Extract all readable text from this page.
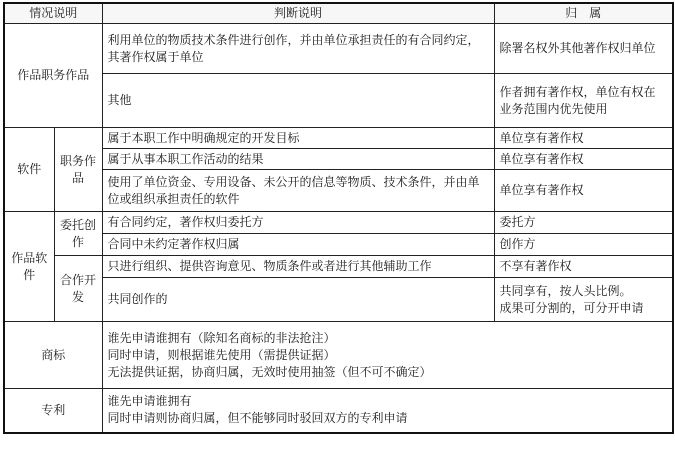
情况说明		判断说明	归　属
作品职务作品		利用单位的物质技术条件进行创作，并由单位承担责任的有合同约定，其著作权属于单位	除署名权外其他著作权归单位
		其他	作者拥有著作权，单位有权在业务范围内优先使用
软件	职务作品	属于本职工作中明确规定的开发目标	单位享有著作权
		属于从事本职工作活动的结果	单位享有著作权
		使用了单位资金、专用设备、未公开的信息等物质、技术条件，并由单位或组织承担责任的软件	单位享有著作权
作品软件	委托创作	有合同约定，著作权归委托方	委托方
		合同中未约定著作权归属	创作方
	合作开发	只进行组织、提供咨询意见、物质条件或者进行其他辅助工作	不享有著作权
		共同创作的	共同享有，按人头比例。
成果可分割的，可分开申请

商标		谁先申请谁拥有（除知名商标的非法抢注）
同时申请，则根据谁先使用（需提供证据）
无法提供证据，协商归属，无效时使用抽签（但不可不确定）	

专利		谁先申请谁拥有
同时申请则协商归属，但不能够同时驳回双方的专利申请	
